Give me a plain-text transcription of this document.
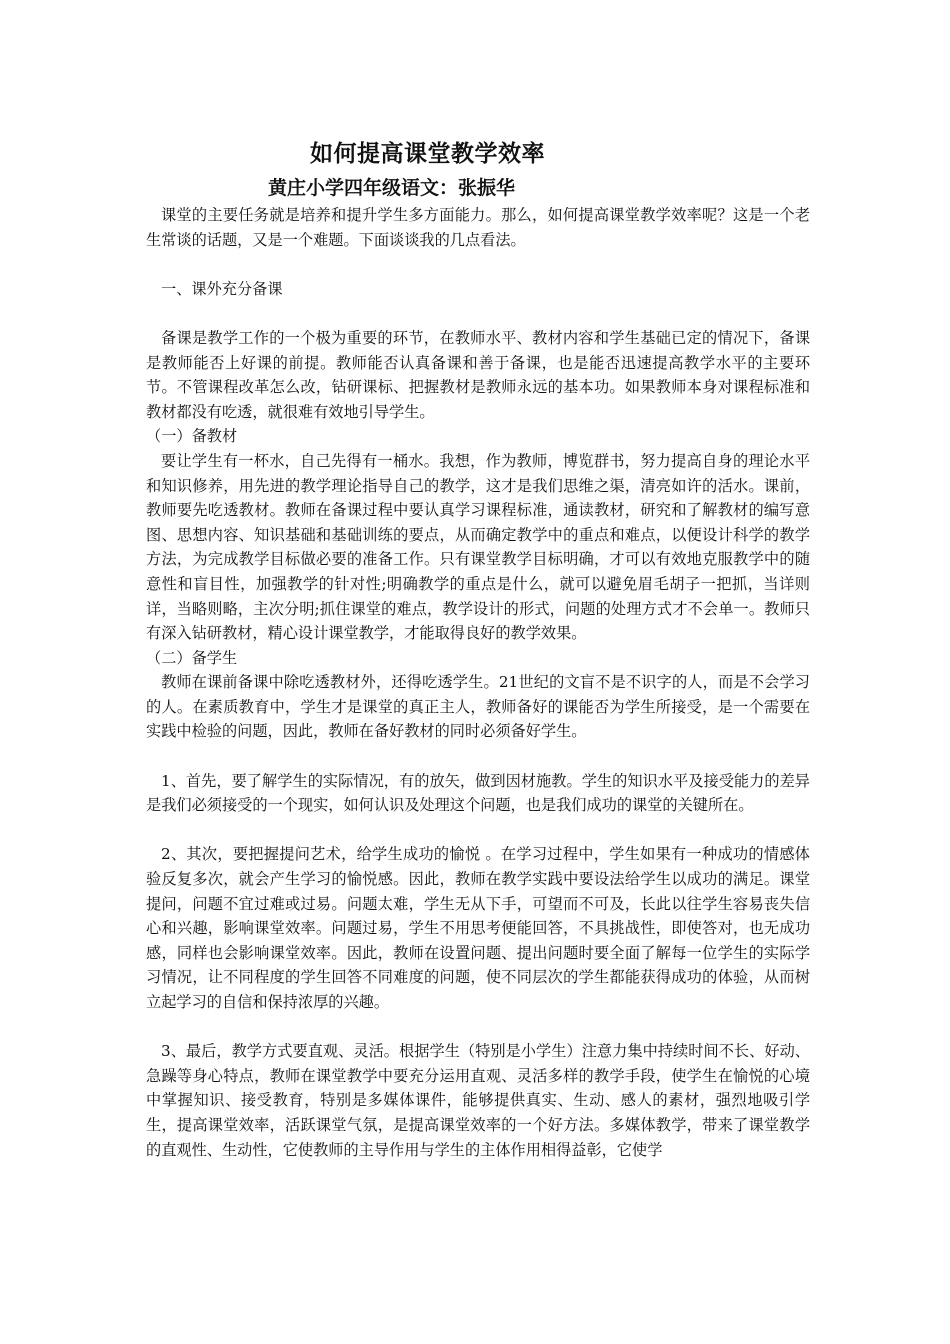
如何提高课堂教学效率
黄庄小学四年级语文：张振华

课堂的主要任务就是培养和提升学生多方面能力。那么，如何提高课堂教学效率呢？这是一个老生常谈的话题，又是一个难题。下面谈谈我的几点看法。

一、课外充分备课

备课是教学工作的一个极为重要的环节，在教师水平、教材内容和学生基础已定的情况下，备课是教师能否上好课的前提。教师能否认真备课和善于备课，也是能否迅速提高教学水平的主要环节。不管课程改革怎么改，钻研课标、把握教材是教师永远的基本功。如果教师本身对课程标准和教材都没有吃透，就很难有效地引导学生。

（一）备教材

要让学生有一杯水，自己先得有一桶水。我想，作为教师，博览群书，努力提高自身的理论水平和知识修养，用先进的教学理论指导自己的教学，这才是我们思维之渠，清亮如许的活水。课前，教师要先吃透教材。教师在备课过程中要认真学习课程标准，通读教材，研究和了解教材的编写意图、思想内容、知识基础和基础训练的要点，从而确定教学中的重点和难点，以便设计科学的教学方法，为完成教学目标做必要的准备工作。只有课堂教学目标明确，才可以有效地克服教学中的随意性和盲目性，加强教学的针对性;明确教学的重点是什么，就可以避免眉毛胡子一把抓，当详则详，当略则略，主次分明;抓住课堂的难点，教学设计的形式，问题的处理方式才不会单一。教师只有深入钻研教材，精心设计课堂教学，才能取得良好的教学效果。

（二）备学生

教师在课前备课中除吃透教材外，还得吃透学生。21世纪的文盲不是不识字的人，而是不会学习的人。在素质教育中，学生才是课堂的真正主人，教师备好的课能否为学生所接受，是一个需要在实践中检验的问题，因此，教师在备好教材的同时必须备好学生。

1、首先，要了解学生的实际情况，有的放矢，做到因材施教。学生的知识水平及接受能力的差异是我们必须接受的一个现实，如何认识及处理这个问题，也是我们成功的课堂的关键所在。

2、其次，要把握提问艺术，给学生成功的愉悦 。在学习过程中，学生如果有一种成功的情感体验反复多次，就会产生学习的愉悦感。因此，教师在教学实践中要设法给学生以成功的满足。课堂提问，问题不宜过难或过易。问题太难，学生无从下手，可望而不可及，长此以往学生容易丧失信心和兴趣，影响课堂效率。问题过易，学生不用思考便能回答，不具挑战性，即使答对，也无成功感，同样也会影响课堂效率。因此，教师在设置问题、提出问题时要全面了解每一位学生的实际学习情况，让不同程度的学生回答不同难度的问题，使不同层次的学生都能获得成功的体验，从而树立起学习的自信和保持浓厚的兴趣。

3、最后，教学方式要直观、灵活。根据学生（特别是小学生）注意力集中持续时间不长、好动、急躁等身心特点，教师在课堂教学中要充分运用直观、灵活多样的教学手段，使学生在愉悦的心境中掌握知识、接受教育，特别是多媒体课件，能够提供真实、生动、感人的素材，强烈地吸引学生，提高课堂效率，活跃课堂气氛，是提高课堂效率的一个好方法。多媒体教学，带来了课堂教学的直观性、生动性，它使教师的主导作用与学生的主体作用相得益彰，它使学
